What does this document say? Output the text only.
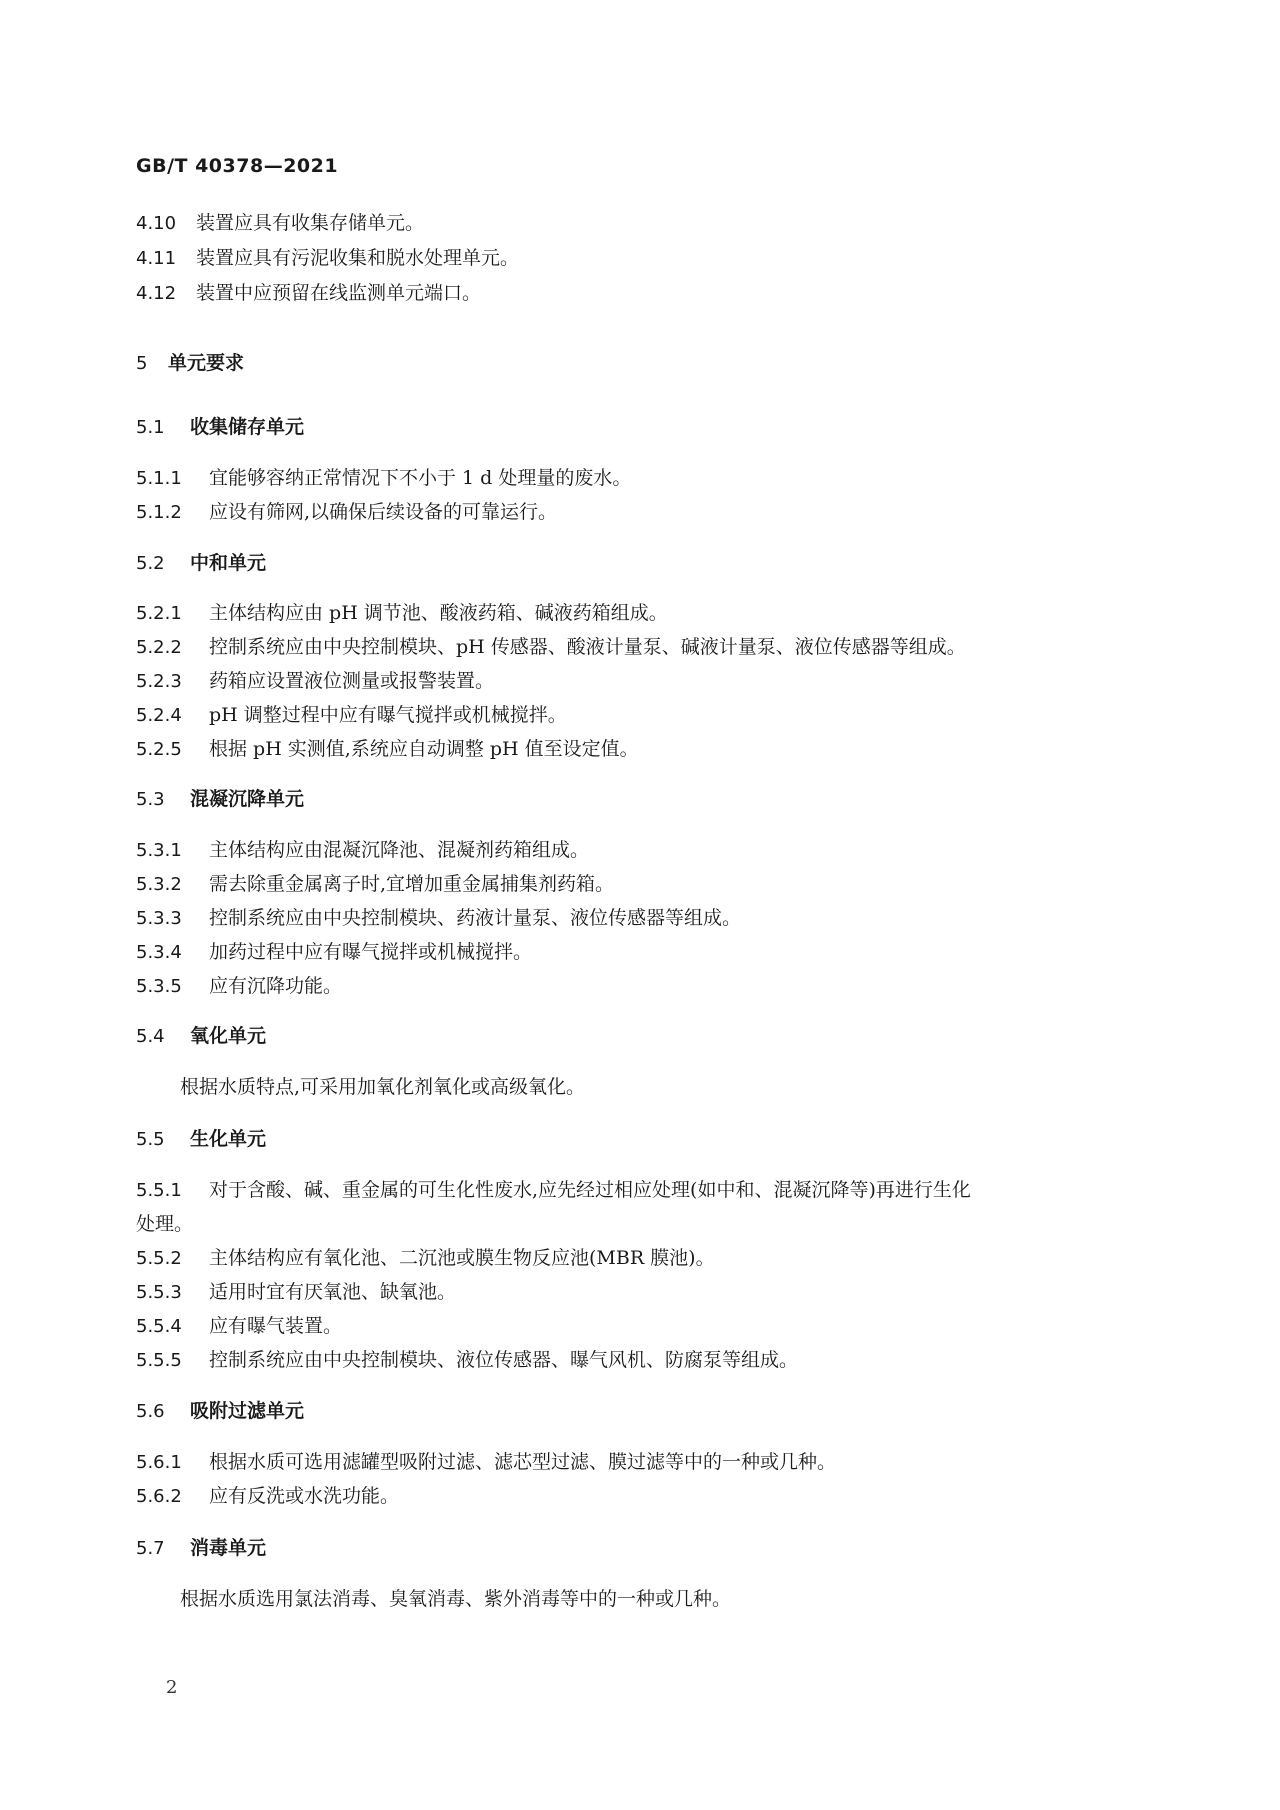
GB/T 40378—2021
4.10 装置应具有收集存储单元。
4.11 装置应具有污泥收集和脱水处理单元。
4.12 装置中应预留在线监测单元端口。
5 单元要求
5.1 收集储存单元
5.1.1 宜能够容纳正常情况下不小于 1 d 处理量的废水。
5.1.2 应设有筛网,以确保后续设备的可靠运行。
5.2 中和单元
5.2.1 主体结构应由 pH 调节池、酸液药箱、碱液药箱组成。
5.2.2 控制系统应由中央控制模块、pH 传感器、酸液计量泵、碱液计量泵、液位传感器等组成。
5.2.3 药箱应设置液位测量或报警装置。
5.2.4 pH 调整过程中应有曝气搅拌或机械搅拌。
5.2.5 根据 pH 实测值,系统应自动调整 pH 值至设定值。
5.3 混凝沉降单元
5.3.1 主体结构应由混凝沉降池、混凝剂药箱组成。
5.3.2 需去除重金属离子时,宜增加重金属捕集剂药箱。
5.3.3 控制系统应由中央控制模块、药液计量泵、液位传感器等组成。
5.3.4 加药过程中应有曝气搅拌或机械搅拌。
5.3.5 应有沉降功能。
5.4 氧化单元
根据水质特点,可采用加氧化剂氧化或高级氧化。
5.5 生化单元
5.5.1 对于含酸、碱、重金属的可生化性废水,应先经过相应处理(如中和、混凝沉降等)再进行生化
处理。
5.5.2 主体结构应有氧化池、二沉池或膜生物反应池(MBR 膜池)。
5.5.3 适用时宜有厌氧池、缺氧池。
5.5.4 应有曝气装置。
5.5.5 控制系统应由中央控制模块、液位传感器、曝气风机、防腐泵等组成。
5.6 吸附过滤单元
5.6.1 根据水质可选用滤罐型吸附过滤、滤芯型过滤、膜过滤等中的一种或几种。
5.6.2 应有反洗或水洗功能。
5.7 消毒单元
根据水质选用氯法消毒、臭氧消毒、紫外消毒等中的一种或几种。
2
